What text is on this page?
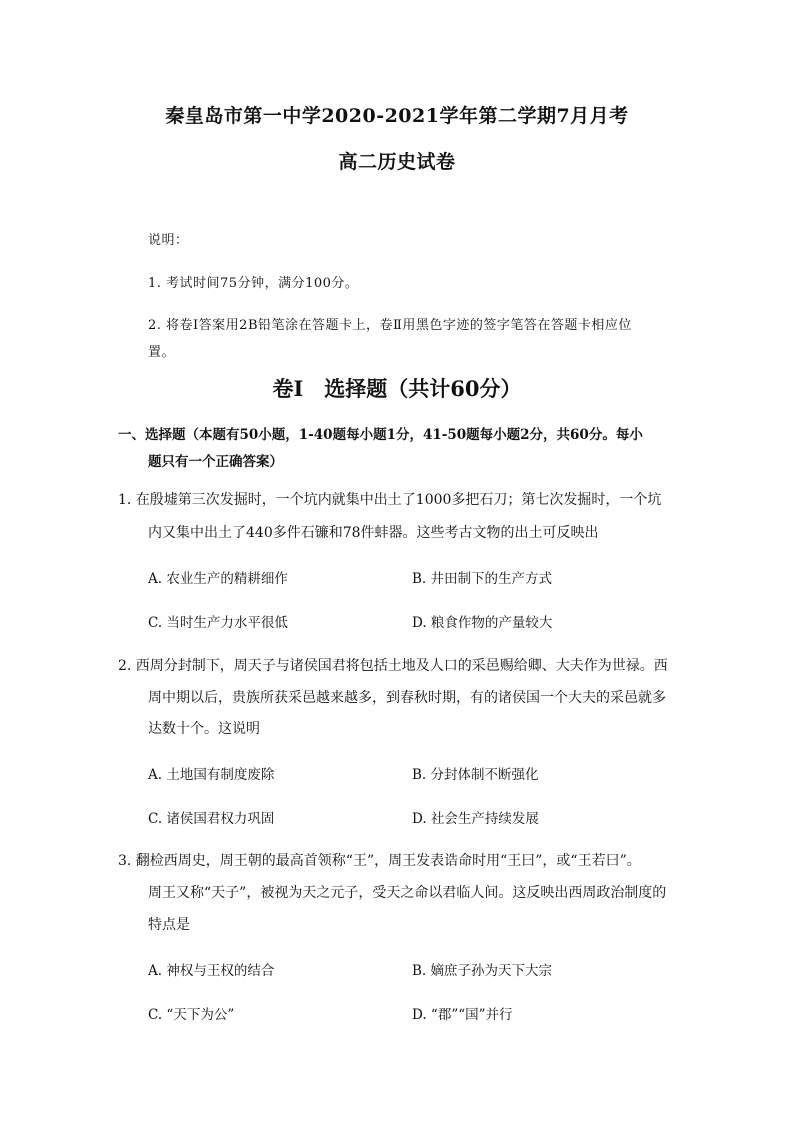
秦皇岛市第一中学2020-2021学年第二学期7月月考
高二历史试卷
说明：
1. 考试时间75分钟，满分100分。
2. 将卷Ⅰ答案用2B铅笔涂在答题卡上，卷Ⅱ用黑色字迹的签字笔答在答题卡相应位
置。
卷Ⅰ　选择题（共计60分）
一、选择题（本题有50小题，1-40题每小题1分，41-50题每小题2分，共60分。每小
题只有一个正确答案）
1. 在殷墟第三次发掘时，一个坑内就集中出土了1000多把石刀；第七次发掘时，一个坑
内又集中出土了440多件石镰和78件蚌器。这些考古文物的出土可反映出
A. 农业生产的精耕细作	B. 井田制下的生产方式
C. 当时生产力水平很低	D. 粮食作物的产量较大
2. 西周分封制下，周天子与诸侯国君将包括土地及人口的采邑赐给卿、大夫作为世禄。西
周中期以后，贵族所获采邑越来越多，到春秋时期，有的诸侯国一个大夫的采邑就多
达数十个。这说明
A. 土地国有制度废除	B. 分封体制不断强化
C. 诸侯国君权力巩固	D. 社会生产持续发展
3. 翻检西周史，周王朝的最高首领称“王”，周王发表诰命时用“王曰”，或“王若曰”。
周王又称“天子”，被视为天之元子，受天之命以君临人间。这反映出西周政治制度的
特点是
A. 神权与王权的结合	B. 嫡庶子孙为天下大宗
C. “天下为公”	D. “郡”“国”并行
